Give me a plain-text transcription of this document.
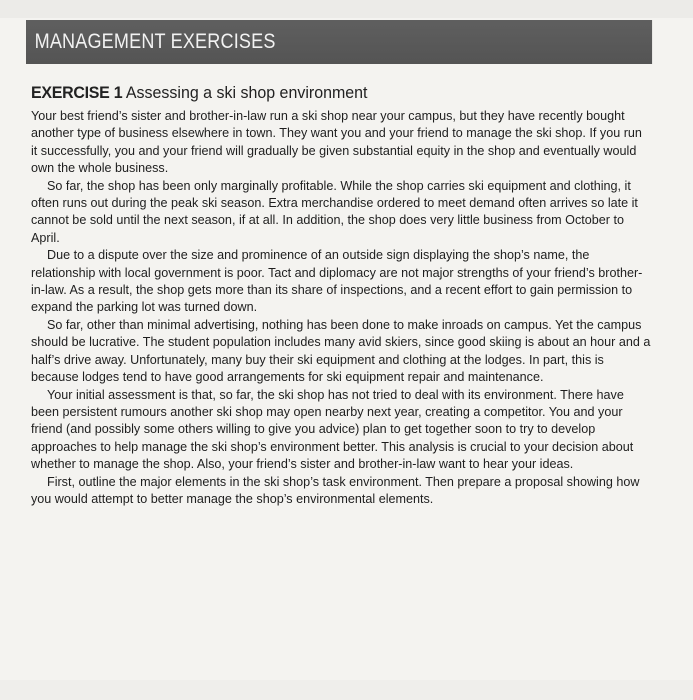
MANAGEMENT EXERCISES
EXERCISE 1 Assessing a ski shop environment

Your best friend’s sister and brother-in-law run a ski shop near your campus, but they have recently bought another type of business elsewhere in town. They want you and your friend to manage the ski shop. If you run it successfully, you and your friend will gradually be given substantial equity in the shop and eventually would own the whole business.

So far, the shop has been only marginally profitable. While the shop carries ski equipment and clothing, it often runs out during the peak ski season. Extra merchandise ordered to meet demand often arrives so late it cannot be sold until the next season, if at all. In addition, the shop does very little business from October to April.

Due to a dispute over the size and prominence of an outside sign displaying the shop’s name, the relationship with local government is poor. Tact and diplomacy are not major strengths of your friend’s brother-in-law. As a result, the shop gets more than its share of inspections, and a recent effort to gain permission to expand the parking lot was turned down.

So far, other than minimal advertising, nothing has been done to make inroads on campus. Yet the campus should be lucrative. The student population includes many avid skiers, since good skiing is about an hour and a half’s drive away. Unfortunately, many buy their ski equipment and clothing at the lodges. In part, this is because lodges tend to have good arrangements for ski equipment repair and maintenance.

Your initial assessment is that, so far, the ski shop has not tried to deal with its environment. There have been persistent rumours another ski shop may open nearby next year, creating a competitor. You and your friend (and possibly some others willing to give you advice) plan to get together soon to try to develop approaches to help manage the ski shop’s environment better. This analysis is crucial to your decision about whether to manage the shop. Also, your friend’s sister and brother-in-law want to hear your ideas.

First, outline the major elements in the ski shop’s task environment. Then prepare a proposal showing how you would attempt to better manage the shop’s environmental elements.
